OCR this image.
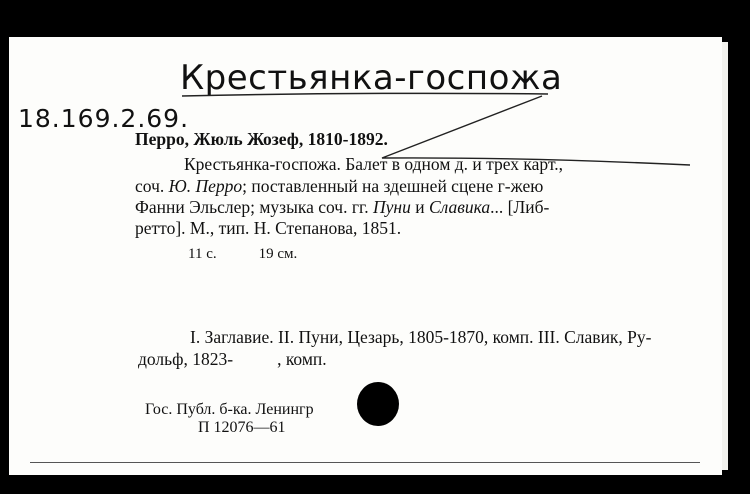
Крестьянка-госпожа
18.169.2.69.
Перро, Жюль Жозеф, 1810-1892.
Крестьянка-госпожа. Балет в одном д. и трех карт.,
соч. Ю. Перро; поставленный на здешней сцене г-жею
Фанни Эльслер; музыка соч. гг. Пуни и Славика... [Либ-
ретто]. М., тип. Н. Степанова, 1851.
11 с.	19 см.
I. Заглавие. II. Пуни, Цезарь, 1805-1870, комп. III. Славик, Ру-
дольф, 1823-	, комп.
Гос. Публ. б-ка. Ленингр
П 12076—61
